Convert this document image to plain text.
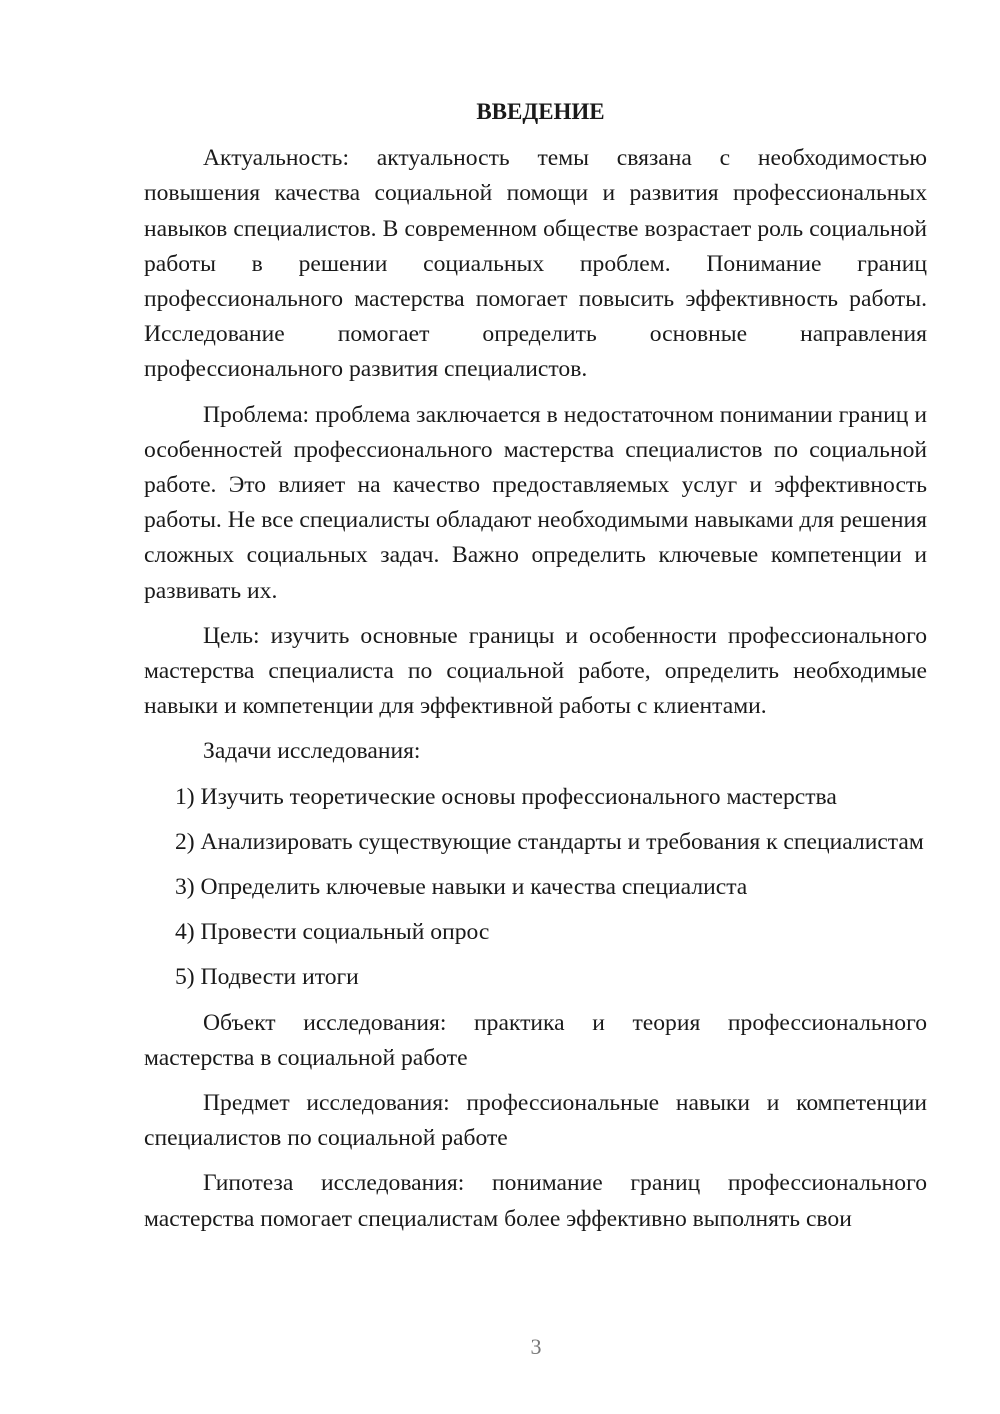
ВВЕДЕНИЕ

Актуальность: актуальность темы связана с необходимостью повышения качества социальной помощи и развития профессиональных навыков специалистов. В современном обществе возрастает роль социальной работы в решении социальных проблем. Понимание границ профессионального мастерства помогает повысить эффективность работы. Исследование помогает определить основные направления профессионального развития специалистов.

Проблема: проблема заключается в недостаточном понимании границ и особенностей профессионального мастерства специалистов по социальной работе. Это влияет на качество предоставляемых услуг и эффективность работы. Не все специалисты обладают необходимыми навыками для решения сложных социальных задач. Важно определить ключевые компетенции и развивать их.

Цель: изучить основные границы и особенности профессионального мастерства специалиста по социальной работе, определить необходимые навыки и компетенции для эффективной работы с клиентами.

Задачи исследования:

1) Изучить теоретические основы профессионального мастерства

2) Анализировать существующие стандарты и требования к специалистам

3) Определить ключевые навыки и качества специалиста

4) Провести социальный опрос

5) Подвести итоги

Объект исследования: практика и теория профессионального мастерства в социальной работе

Предмет исследования: профессиональные навыки и компетенции специалистов по социальной работе

Гипотеза исследования: понимание границ профессионального мастерства помогает специалистам более эффективно выполнять свои

3
